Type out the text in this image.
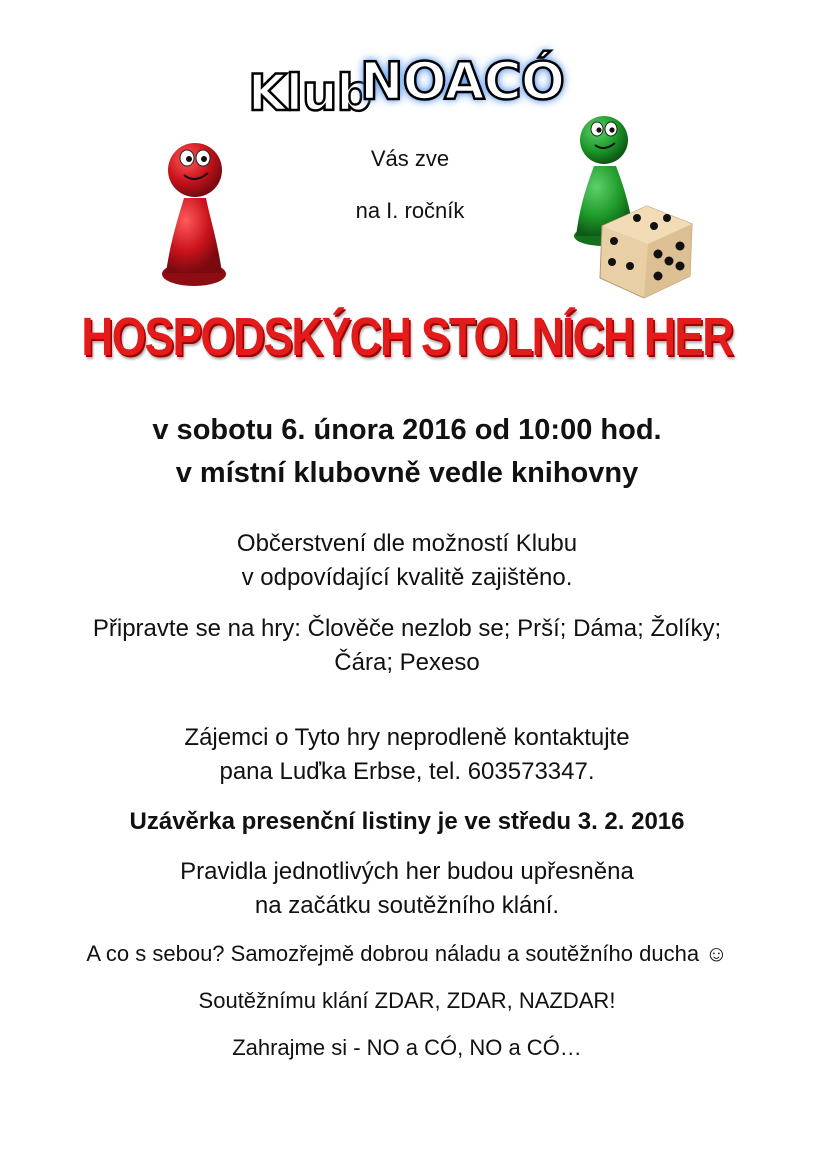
Klub
NOACÓ
Vás zve
na I. ročník
HOSPODSKÝCH STOLNÍCH HER
v sobotu 6. února 2016 od 10:00 hod.
v místní klubovně vedle knihovny
Občerstvení dle možností Klubu
v odpovídající kvalitě zajištěno.
Připravte se na hry: Člověče nezlob se; Prší; Dáma; Žolíky;
Čára; Pexeso
Zájemci o Tyto hry neprodleně kontaktujte
pana Luďka Erbse, tel. 603573347.
Uzávěrka presenční listiny je ve středu 3. 2. 2016
Pravidla jednotlivých her budou upřesněna
na začátku soutěžního klání.
A co s sebou? Samozřejmě dobrou náladu a soutěžního ducha ☺
Soutěžnímu klání ZDAR, ZDAR, NAZDAR!
Zahrajme si - NO a CÓ, NO a CÓ…
